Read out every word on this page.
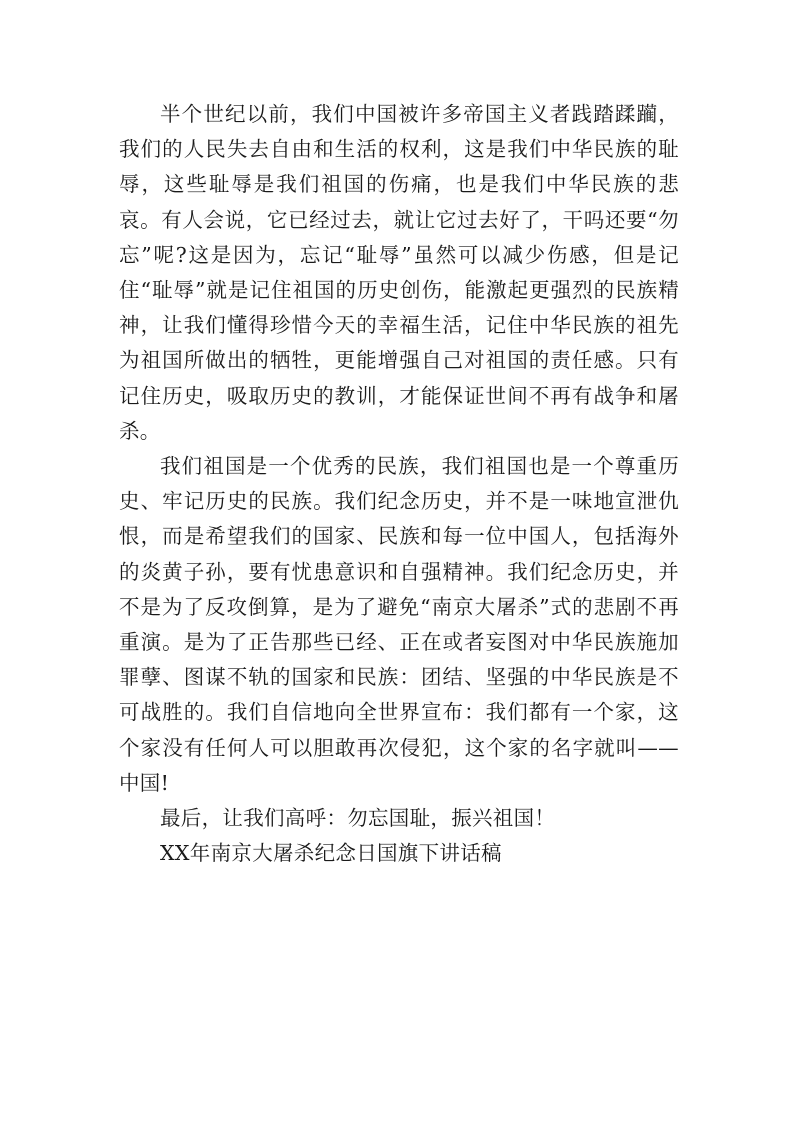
半个世纪以前，我们中国被许多帝国主义者践踏蹂躏，我们的人民失去自由和生活的权利，这是我们中华民族的耻辱，这些耻辱是我们祖国的伤痛，也是我们中华民族的悲哀。有人会说，它已经过去，就让它过去好了，干吗还要“勿忘”呢?这是因为，忘记“耻辱”虽然可以减少伤感，但是记住“耻辱”就是记住祖国的历史创伤，能激起更强烈的民族精神，让我们懂得珍惜今天的幸福生活，记住中华民族的祖先为祖国所做出的牺牲，更能增强自己对祖国的责任感。只有记住历史，吸取历史的教训，才能保证世间不再有战争和屠杀。

我们祖国是一个优秀的民族，我们祖国也是一个尊重历史、牢记历史的民族。我们纪念历史，并不是一味地宣泄仇恨，而是希望我们的国家、民族和每一位中国人，包括海外的炎黄子孙，要有忧患意识和自强精神。我们纪念历史，并不是为了反攻倒算，是为了避免“南京大屠杀”式的悲剧不再重演。是为了正告那些已经、正在或者妄图对中华民族施加罪孽、图谋不轨的国家和民族：团结、坚强的中华民族是不可战胜的。我们自信地向全世界宣布：我们都有一个家，这个家没有任何人可以胆敢再次侵犯，这个家的名字就叫——中国!

最后，让我们高呼：勿忘国耻，振兴祖国！

XX年南京大屠杀纪念日国旗下讲话稿
